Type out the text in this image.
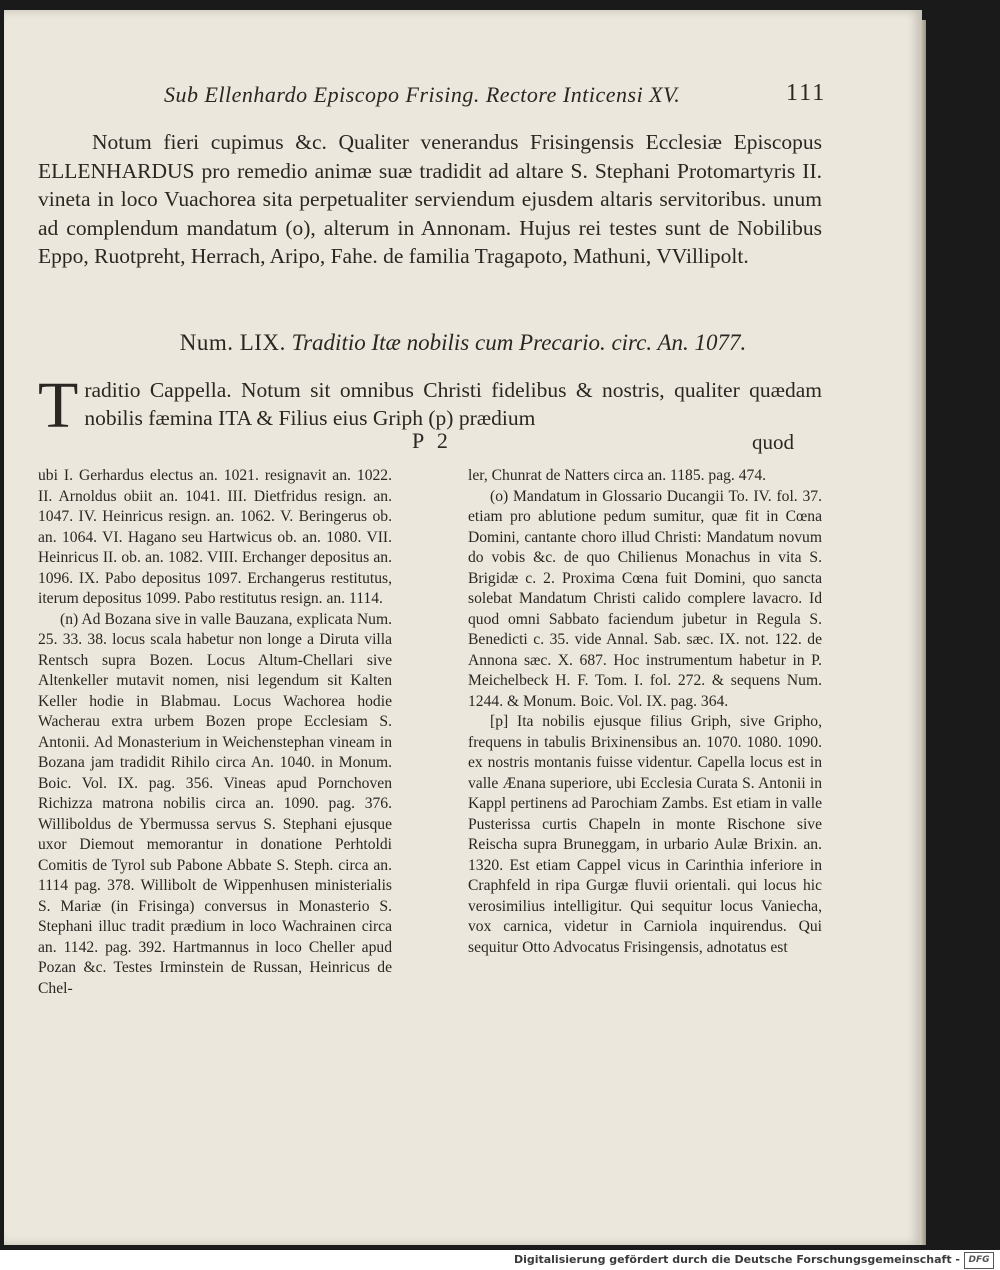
Sub Ellenhardo Episcopo Frising. Rectore Inticensi XV.	111

Notum fieri cupimus &c. Qualiter venerandus Frisingensis Ecclesiæ Episcopus ELLENHARDUS pro remedio animæ suæ tradidit ad altare S. Stephani Protomartyris II. vineta in loco Vuachorea sita perpetualiter serviendum ejusdem altaris servitoribus. unum ad complendum mandatum (o), alterum in Annonam. Hujus rei testes sunt de Nobilibus Eppo, Ruotpreht, Herrach, Aripo, Fahe. de familia Tragapoto, Mathuni, VVillipolt.

Num. LIX. Traditio Itæ nobilis cum Precario. circ. An. 1077.

T raditio Cappella. Notum sit omnibus Christi fidelibus & nostris, qualiter quædam nobilis fæmina ITA & Filius eius Griph (p) prædium

P 2	quod

ubi I. Gerhardus electus an. 1021. resignavit an. 1022. II. Arnoldus obiit an. 1041. III. Dietfridus resign. an. 1047. IV. Heinricus resign. an. 1062. V. Beringerus ob. an. 1064. VI. Hagano seu Hartwicus ob. an. 1080. VII. Heinricus II. ob. an. 1082. VIII. Erchanger depositus an. 1096. IX. Pabo depositus 1097. Erchangerus restitutus, iterum depositus 1099. Pabo restitutus resign. an. 1114.

(n) Ad Bozana sive in valle Bauzana, explicata Num. 25. 33. 38. locus scala habetur non longe a Diruta villa Rentsch supra Bozen. Locus Altum-Chellari sive Altenkeller mutavit nomen, nisi legendum sit Kalten Keller hodie in Blabmau. Locus Wachorea hodie Wacherau extra urbem Bozen prope Ecclesiam S. Antonii. Ad Monasterium in Weichenstephan vineam in Bozana jam tradidit Rihilo circa An. 1040. in Monum. Boic. Vol. IX. pag. 356. Vineas apud Pornchoven Richizza matrona nobilis circa an. 1090. pag. 376. Williboldus de Ybermussa servus S. Stephani ejusque uxor Diemout memorantur in donatione Perhtoldi Comitis de Tyrol sub Pabone Abbate S. Steph. circa an. 1114 pag. 378. Willibolt de Wippenhusen ministerialis S. Mariæ (in Frisinga) conversus in Monasterio S. Stephani illuc tradit prædium in loco Wachrainen circa an. 1142. pag. 392. Hartmannus in loco Cheller apud Pozan &c. Testes Irminstein de Russan, Heinricus de Chel-

ler, Chunrat de Natters circa an. 1185. pag. 474.

(o) Mandatum in Glossario Ducangii To. IV. fol. 37. etiam pro ablutione pedum sumitur, quæ fit in Cœna Domini, cantante choro illud Christi: Mandatum novum do vobis &c. de quo Chilienus Monachus in vita S. Brigidæ c. 2. Proxima Cœna fuit Domini, quo sancta solebat Mandatum Christi calido complere lavacro. Id quod omni Sabbato faciendum jubetur in Regula S. Benedicti c. 35. vide Annal. Sab. sæc. IX. not. 122. de Annona sæc. X. 687. Hoc instrumentum habetur in P. Meichelbeck H. F. Tom. I. fol. 272. & sequens Num. 1244. & Monum. Boic. Vol. IX. pag. 364.

[p] Ita nobilis ejusque filius Griph, sive Gripho, frequens in tabulis Brixinensibus an. 1070. 1080. 1090. ex nostris montanis fuisse videntur. Capella locus est in valle Ænana superiore, ubi Ecclesia Curata S. Antonii in Kappl pertinens ad Parochiam Zambs. Est etiam in valle Pusterissa curtis Chapeln in monte Rischone sive Reischa supra Bruneggam, in urbario Aulæ Brixin. an. 1320. Est etiam Cappel vicus in Carinthia inferiore in Craphfeld in ripa Gurgæ fluvii orientali. qui locus hic verosimilius intelligitur. Qui sequitur locus Vaniecha, vox carnica, videtur in Carniola inquirendus. Qui sequitur Otto Advocatus Frisingensis, adnotatus est

Digitalisierung gefördert durch die Deutsche Forschungsgemeinschaft - DFG
